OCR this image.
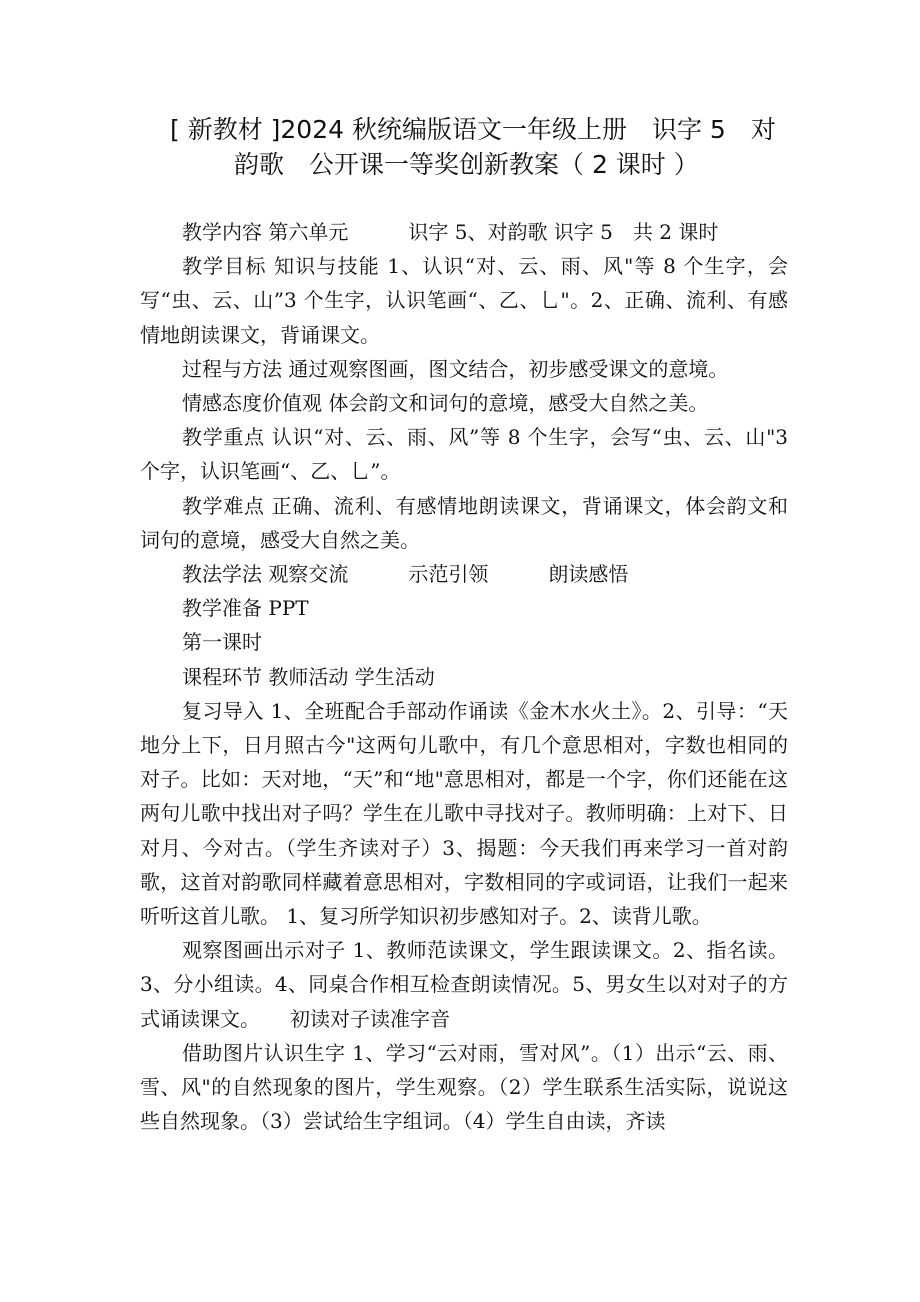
[ 新教材 ]2024 秋统编版语文一年级上册　识字 5　对
韵歌　公开课一等奖创新教案（ 2 课时 ）

教学内容 第六单元　　　识字 5、对韵歌 识字 5　共 2 课时

教学目标 知识与技能 1、认识“对、云、雨、风"等 8 个生字，会写“虫、云、山”3 个生字，认识笔画“、乙、乚"。2、正确、流利、有感情地朗读课文，背诵课文。

过程与方法 通过观察图画，图文结合，初步感受课文的意境。

情感态度价值观 体会韵文和词句的意境，感受大自然之美。

教学重点 认识“对、云、雨、风”等 8 个生字，会写“虫、云、山"3 个字，认识笔画“、乙、乚”。

教学难点 正确、流利、有感情地朗读课文，背诵课文，体会韵文和词句的意境，感受大自然之美。

教法学法 观察交流　　　示范引领　　　朗读感悟

教学准备 PPT

第一课时

课程环节 教师活动 学生活动

复习导入 1、全班配合手部动作诵读《金木水火土》。2、引导：“天地分上下，日月照古今"这两句儿歌中，有几个意思相对，字数也相同的对子。比如：天对地，“天”和“地"意思相对，都是一个字，你们还能在这两句儿歌中找出对子吗？学生在儿歌中寻找对子。教师明确：上对下、日对月、今对古。（学生齐读对子）3、揭题：今天我们再来学习一首对韵歌，这首对韵歌同样藏着意思相对，字数相同的字或词语，让我们一起来听听这首儿歌。 1、复习所学知识初步感知对子。2、读背儿歌。

观察图画出示对子 1、教师范读课文，学生跟读课文。2、指名读。3、分小组读。4、同桌合作相互检查朗读情况。5、男女生以对对子的方式诵读课文。　　初读对子读准字音

借助图片认识生字 1、学习“云对雨，雪对风”。（1）出示“云、雨、雪、风"的自然现象的图片，学生观察。（2）学生联系生活实际，说说这些自然现象。（3）尝试给生字组词。（4）学生自由读，齐读
